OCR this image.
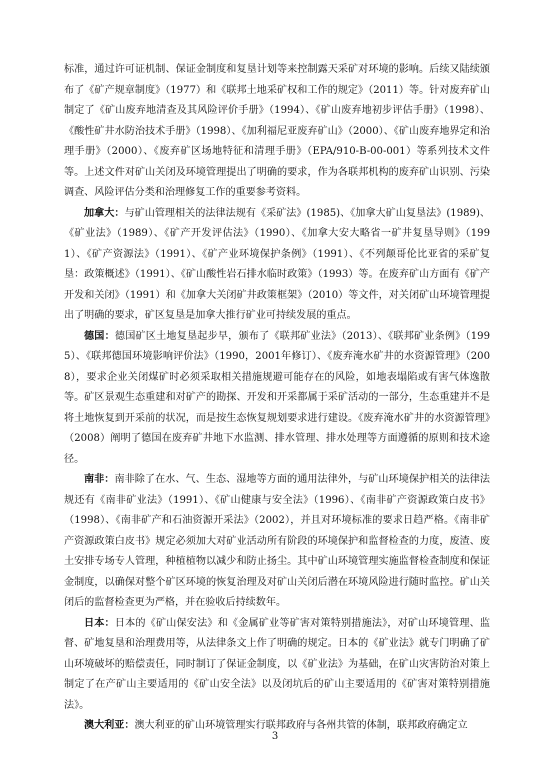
标准，通过许可证机制、保证金制度和复垦计划等来控制露天采矿对环境的影响。后续又陆续颁布了《矿产规章制度》（1977）和《联邦土地采矿权和工作的规定》（2011）等。针对废弃矿山制定了《矿山废弃地清查及其风险评价手册》（1994）、《矿山废弃地初步评估手册》（1998）、《酸性矿井水防治技术手册》（1998）、《加利福尼亚废弃矿山》（2000）、《矿山废弃地界定和治理手册》（2000）、《废弃矿区场地特征和清理手册》（EPA/910-B-00-001）等系列技术文件等。上述文件对矿山关闭及环境管理提出了明确的要求，作为各联邦机构的废弃矿山识别、污染调查、风险评估分类和治理修复工作的重要参考资料。

加拿大：与矿山管理相关的法律法规有《采矿法》(1985)、《加拿大矿山复垦法》(1989)、《矿业法》（1989）、《矿产开发评估法》（1990）、《加拿大安大略省一矿井复垦导则》（1991）、《矿产资源法》（1991）、《矿产业环境保护条例》（1991）、《不列颠哥伦比亚省的采矿复垦：政策概述》（1991）、《矿山酸性岩石排水临时政策》（1993）等。在废弃矿山方面有《矿产开发和关闭》（1991）和《加拿大关闭矿井政策框架》（2010）等文件，对关闭矿山环境管理提出了明确的要求，矿区复垦是加拿大推行矿业可持续发展的重点。

德国：德国矿区土地复垦起步早，颁布了《联邦矿业法》（2013）、《联邦矿业条例》（1995）、《联邦德国环境影响评价法》（1990，2001年修订）、《废弃淹水矿井的水资源管理》（2008），要求企业关闭煤矿时必须采取相关措施规避可能存在的风险，如地表塌陷或有害气体逸散等。矿区景观生态重建和对矿产的勘探、开发和开采都属于采矿活动的一部分，生态重建并不是将土地恢复到开采前的状况，而是按生态恢复规划要求进行建设。《废弃淹水矿井的水资源管理》（2008）阐明了德国在废弃矿井地下水监测、排水管理、排水处理等方面遵循的原则和技术途径。

南非：南非除了在水、气、生态、湿地等方面的通用法律外，与矿山环境保护相关的法律法规还有《南非矿业法》（1991）、《矿山健康与安全法》（1996）、《南非矿产资源政策白皮书》（1998）、《南非矿产和石油资源开采法》（2002），并且对环境标准的要求日趋严格。《南非矿产资源政策白皮书》规定必须加大对矿业活动所有阶段的环境保护和监督检查的力度，废渣、废土安排专场专人管理，种植植物以减少和防止扬尘。其中矿山环境管理实施监督检查制度和保证金制度，以确保对整个矿区环境的恢复治理及对矿山关闭后潜在环境风险进行随时监控。矿山关闭后的监督检查更为严格，并在验收后持续数年。

日本：日本的《矿山保安法》和《金属矿业等矿害对策特别措施法》，对矿山环境管理、监督、矿地复垦和治理费用等，从法律条文上作了明确的规定。日本的《矿业法》就专门明确了矿山环境破坏的赔偿责任，同时制订了保证金制度，以《矿业法》为基础，在矿山灾害防治对策上制定了在产矿山主要适用的《矿山安全法》以及闭坑后的矿山主要适用的《矿害对策特别措施法》。

澳大利亚：澳大利亚的矿山环境管理实行联邦政府与各州共管的体制，联邦政府确定立

3
